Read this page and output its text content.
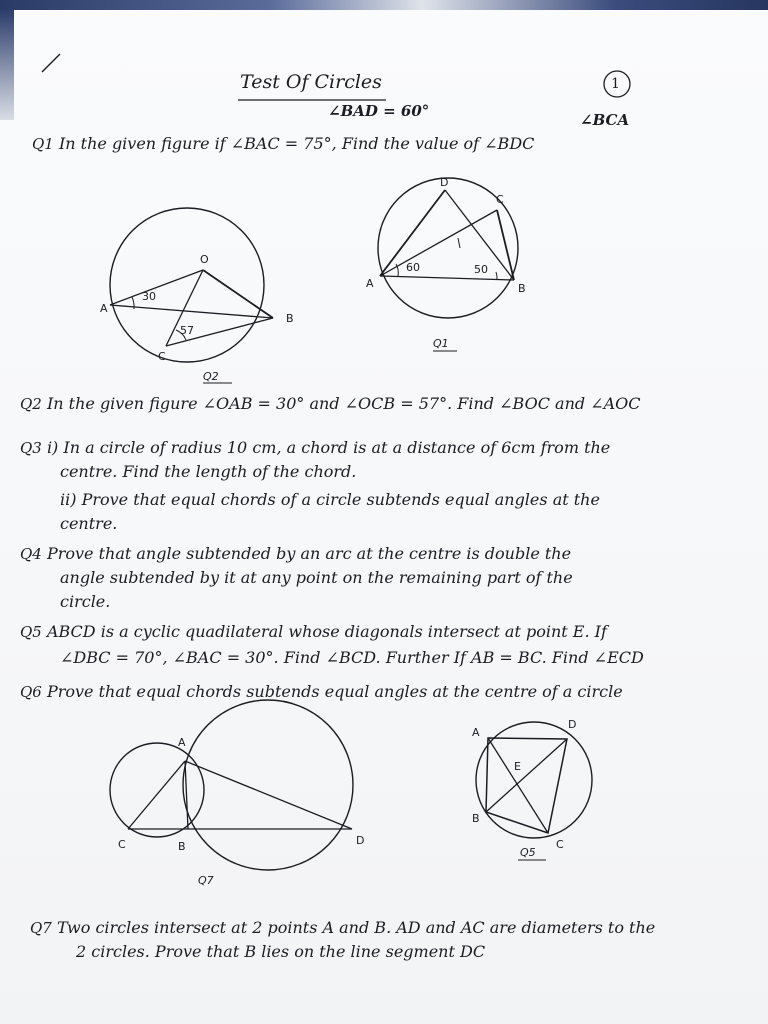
O
A
B
C
30
57
Q2
D
C
A	B
60	50
Q1
A
C	B	D
Q7
A
D
B
C
E
Q5
Test Of Circles	1
∠BAD = 60°	∠BCA
Q1 In the given figure if ∠BAC = 75°, Find the value of ∠BDC
Q2 In the given figure ∠OAB = 30° and ∠OCB = 57°. Find ∠BOC and ∠AOC
Q3 i) In a circle of radius 10 cm, a chord is at a distance of 6cm from the
centre. Find the length of the chord.
ii) Prove that equal chords of a circle subtends equal angles at the
centre.
Q4 Prove that angle subtended by an arc at the centre is double the
angle subtended by it at any point on the remaining part of the
circle.
Q5 ABCD is a cyclic quadilateral whose diagonals intersect at point E. If
∠DBC = 70°, ∠BAC = 30°. Find ∠BCD. Further If AB = BC. Find ∠ECD
Q6 Prove that equal chords subtends equal angles at the centre of a circle
Q7 Two circles intersect at 2 points A and B. AD and AC are diameters to the
2 circles. Prove that B lies on the line segment DC
